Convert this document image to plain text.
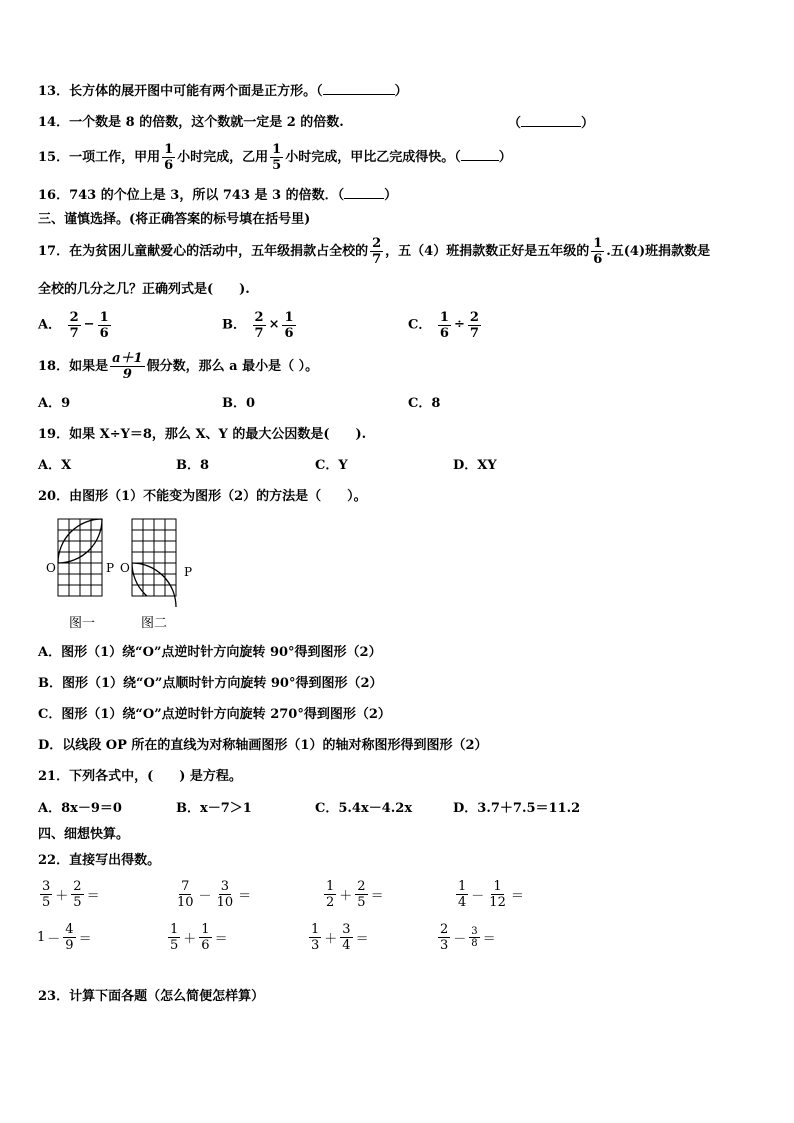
13．长方体的展开图中可能有两个面是正方形。（	）
14．一个数是 8 的倍数，这个数就一定是 2 的倍数.	（	）
15．一项工作，甲用 $\frac{1}{6}$ 小时完成，乙用 $\frac{1}{5}$ 小时完成，甲比乙完成得快。（	）
16．743 的个位上是 3，所以 743 是 3 的倍数．（	）
三、谨慎选择。(将正确答案的标号填在括号里)
17．在为贫困儿童献爱心的活动中，五年级捐款占全校的 $\frac{2}{7}$ ，五（4）班捐款数正好是五年级的 $\frac{1}{6}$ .五(4)班捐款数是
全校的几分之几？正确列式是(　　).
A． $\frac{2}{7} - \frac{1}{6}$	B． $\frac{2}{7} \times \frac{1}{6}$	C． $\frac{1}{6} \div \frac{2}{7}$
18．如果是 $\frac{a+1}{9}$ 假分数，那么 a 最小是（ ）。
A．9	B．0	C．8
19．如果 X÷Y＝8，那么 X、Y 的最大公因数是(　　).
A．X	B．8	C．Y	D．XY
20．由图形（1）不能变为图形（2）的方法是（　　）。
O	P O	P
图一	图二
A．图形（1）绕“O”点逆时针方向旋转 90°得到图形（2）
B．图形（1）绕“O”点顺时针方向旋转 90°得到图形（2）
C．图形（1）绕“O”点逆时针方向旋转 270°得到图形（2）
D．以线段 OP 所在的直线为对称轴画图形（1）的轴对称图形得到图形（2）
21．下列各式中，(　　) 是方程。
A．8x－9＝0	B．x－7＞1	C．5.4x－4.2x	D．3.7＋7.5＝11.2
四、细想快算。
22．直接写出得数。
$\frac{3}{5} + \frac{2}{5}$ ＝	$\frac{7}{10} - \frac{3}{10}$ ＝	$\frac{1}{2} + \frac{2}{5}$ ＝	$\frac{1}{4} - \frac{1}{12}$ ＝
$1 - \frac{4}{9}$ ＝	$\frac{1}{5} + \frac{1}{6}$ ＝	$\frac{1}{3} + \frac{3}{4}$ ＝	$\frac{2}{3} - \frac{3}{8}$ ＝
23．计算下面各题（怎么简便怎样算）
